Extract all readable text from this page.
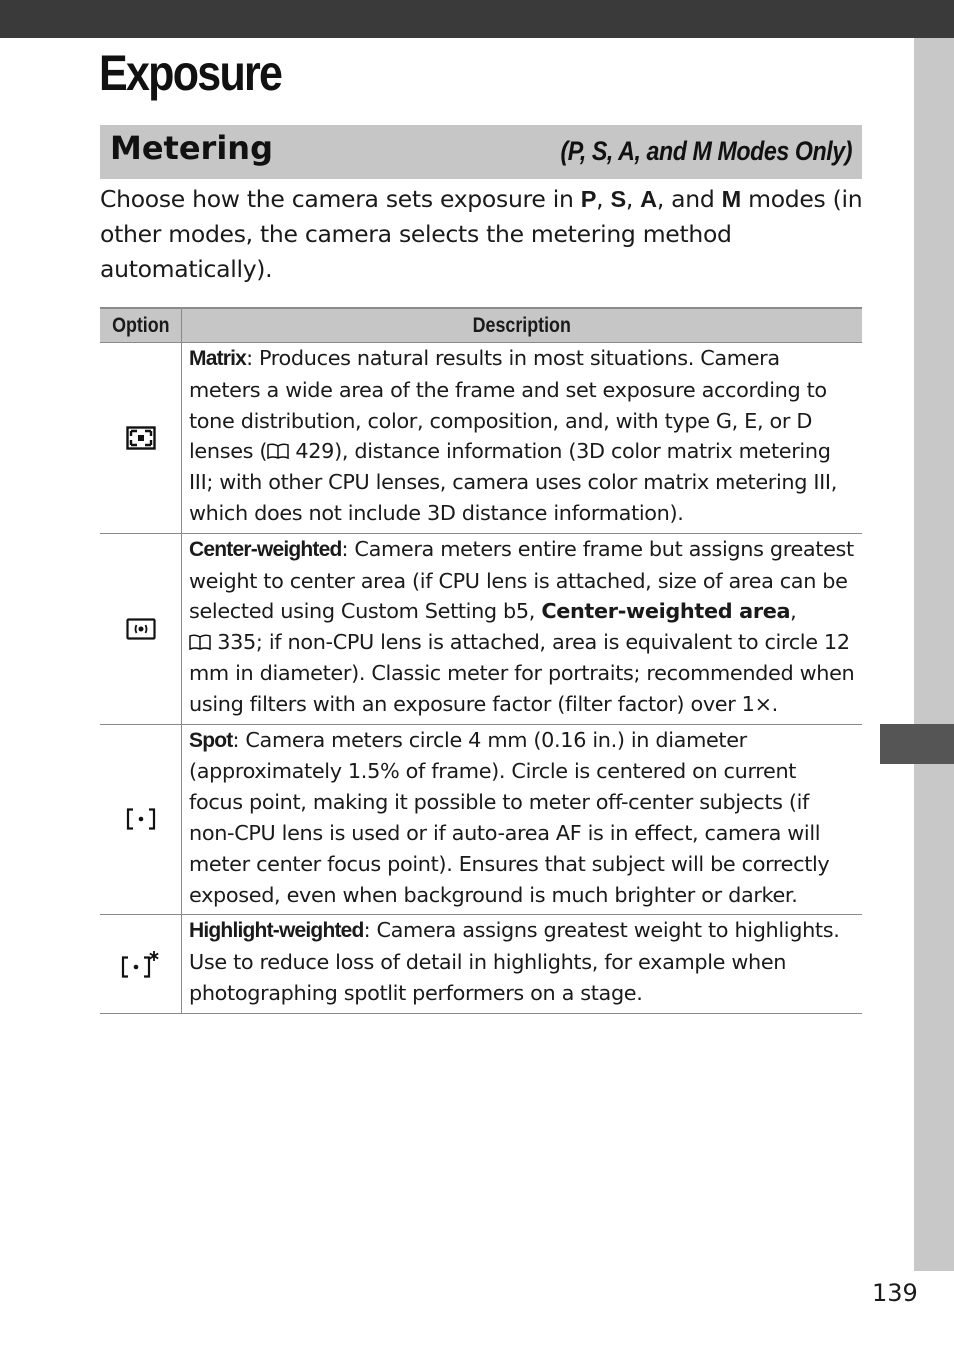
Exposure
Metering	(P, S, A, and M Modes Only)

Choose how the camera sets exposure in P, S, A, and M modes (in other modes, the camera selects the metering method automatically).

Option	Description

Matrix: Produces natural results in most situations. Camera meters a wide area of the frame and set exposure according to tone distribution, color, composition, and, with type G, E, or D lenses ( 429), distance information (3D color matrix metering III; with other CPU lenses, camera uses color matrix metering III, which does not include 3D distance information).

Center-weighted: Camera meters entire frame but assigns greatest weight to center area (if CPU lens is attached, size of area can be selected using Custom Setting b5, Center-weighted area,
335; if non-CPU lens is attached, area is equivalent to circle 12 mm in diameter). Classic meter for portraits; recommended when using filters with an exposure factor (filter factor) over 1×.

Spot: Camera meters circle 4 mm (0.16 in.) in diameter (approximately 1.5% of frame). Circle is centered on current focus point, making it possible to meter off-center subjects (if non-CPU lens is used or if auto-area AF is in effect, camera will meter center focus point). Ensures that subject will be correctly exposed, even when background is much brighter or darker.

Highlight-weighted: Camera assigns greatest weight to highlights. Use to reduce loss of detail in highlights, for example when photographing spotlit performers on a stage.
139
